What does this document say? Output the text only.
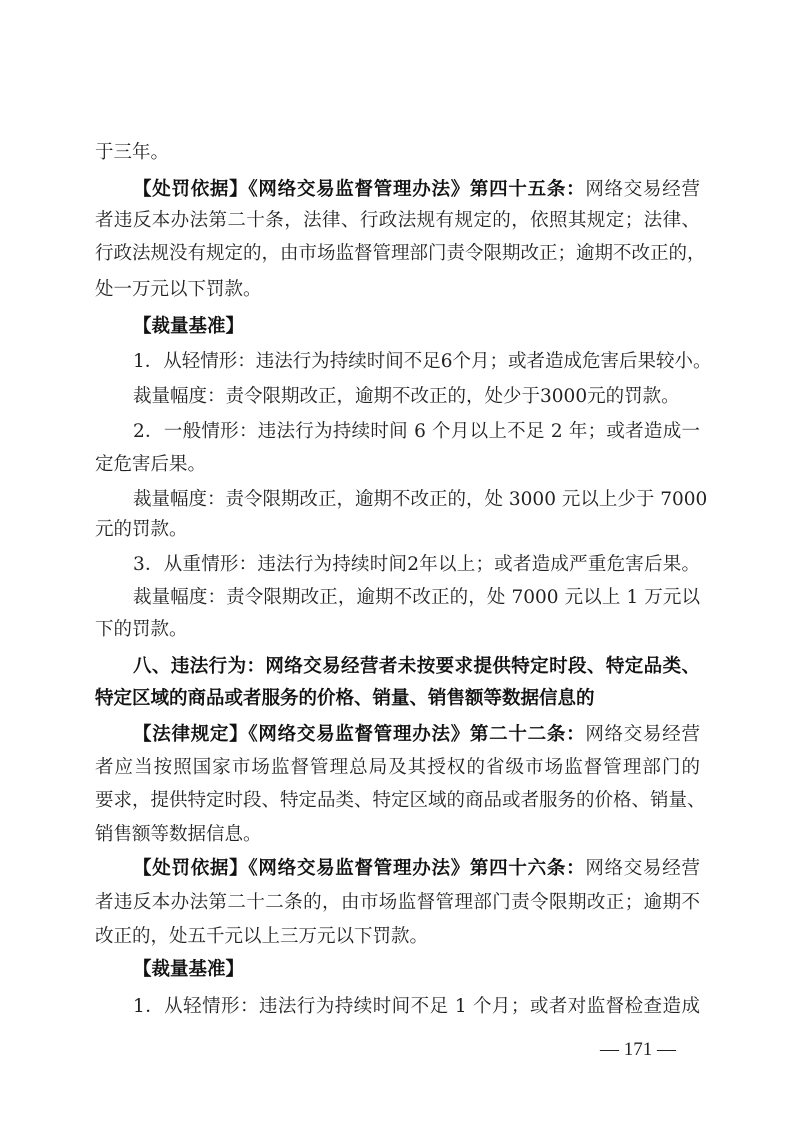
于三年。
【处罚依据】《网络交易监督管理办法》第四十五条：网络交易经营
者违反本办法第二十条，法律、行政法规有规定的，依照其规定；法律、
行政法规没有规定的，由市场监督管理部门责令限期改正；逾期不改正的，
处一万元以下罚款。
【裁量基准】
1．从轻情形：违法行为持续时间不足6个月；或者造成危害后果较小。
裁量幅度：责令限期改正，逾期不改正的，处少于3000元的罚款。
2．一般情形：违法行为持续时间 6 个月以上不足 2 年；或者造成一
定危害后果。
裁量幅度：责令限期改正，逾期不改正的，处 3000 元以上少于 7000
元的罚款。
3．从重情形：违法行为持续时间2年以上；或者造成严重危害后果。
裁量幅度：责令限期改正，逾期不改正的，处 7000 元以上 1 万元以
下的罚款。
八、违法行为：网络交易经营者未按要求提供特定时段、特定品类、
特定区域的商品或者服务的价格、销量、销售额等数据信息的
【法律规定】《网络交易监督管理办法》第二十二条：网络交易经营
者应当按照国家市场监督管理总局及其授权的省级市场监督管理部门的
要求，提供特定时段、特定品类、特定区域的商品或者服务的价格、销量、
销售额等数据信息。
【处罚依据】《网络交易监督管理办法》第四十六条：网络交易经营
者违反本办法第二十二条的，由市场监督管理部门责令限期改正；逾期不
改正的，处五千元以上三万元以下罚款。
【裁量基准】
1．从轻情形：违法行为持续时间不足 1 个月；或者对监督检查造成
— 171 —
